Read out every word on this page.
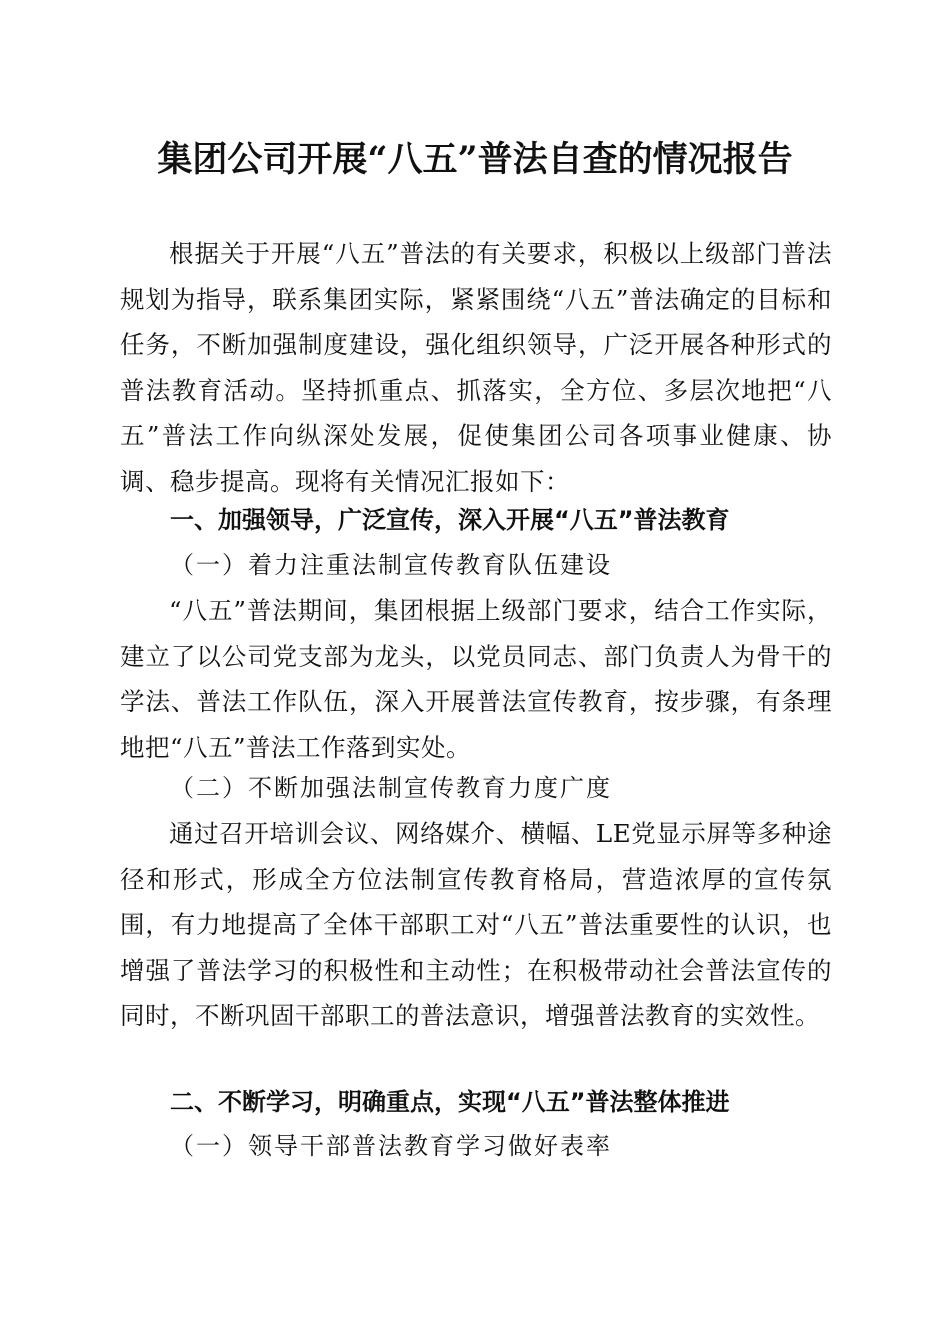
集团公司开展“八五”普法自查的情况报告

根据关于开展“八五”普法的有关要求，积极以上级部门普法规划为指导，联系集团实际，紧紧围绕“八五”普法确定的目标和任务，不断加强制度建设，强化组织领导，广泛开展各种形式的普法教育活动。坚持抓重点、抓落实，全方位、多层次地把“八五”普法工作向纵深处发展，促使集团公司各项事业健康、协调、稳步提高。现将有关情况汇报如下：

一、加强领导，广泛宣传，深入开展“八五”普法教育
（一）着力注重法制宣传教育队伍建设

“八五”普法期间，集团根据上级部门要求，结合工作实际，建立了以公司党支部为龙头，以党员同志、部门负责人为骨干的学法、普法工作队伍，深入开展普法宣传教育，按步骤，有条理地把“八五”普法工作落到实处。

（二）不断加强法制宣传教育力度广度

通过召开培训会议、网络媒介、横幅、LE党显示屏等多种途径和形式，形成全方位法制宣传教育格局，营造浓厚的宣传氛围，有力地提高了全体干部职工对“八五”普法重要性的认识，也增强了普法学习的积极性和主动性；在积极带动社会普法宣传的同时，不断巩固干部职工的普法意识，增强普法教育的实效性。

二、不断学习，明确重点，实现“八五”普法整体推进
（一）领导干部普法教育学习做好表率
